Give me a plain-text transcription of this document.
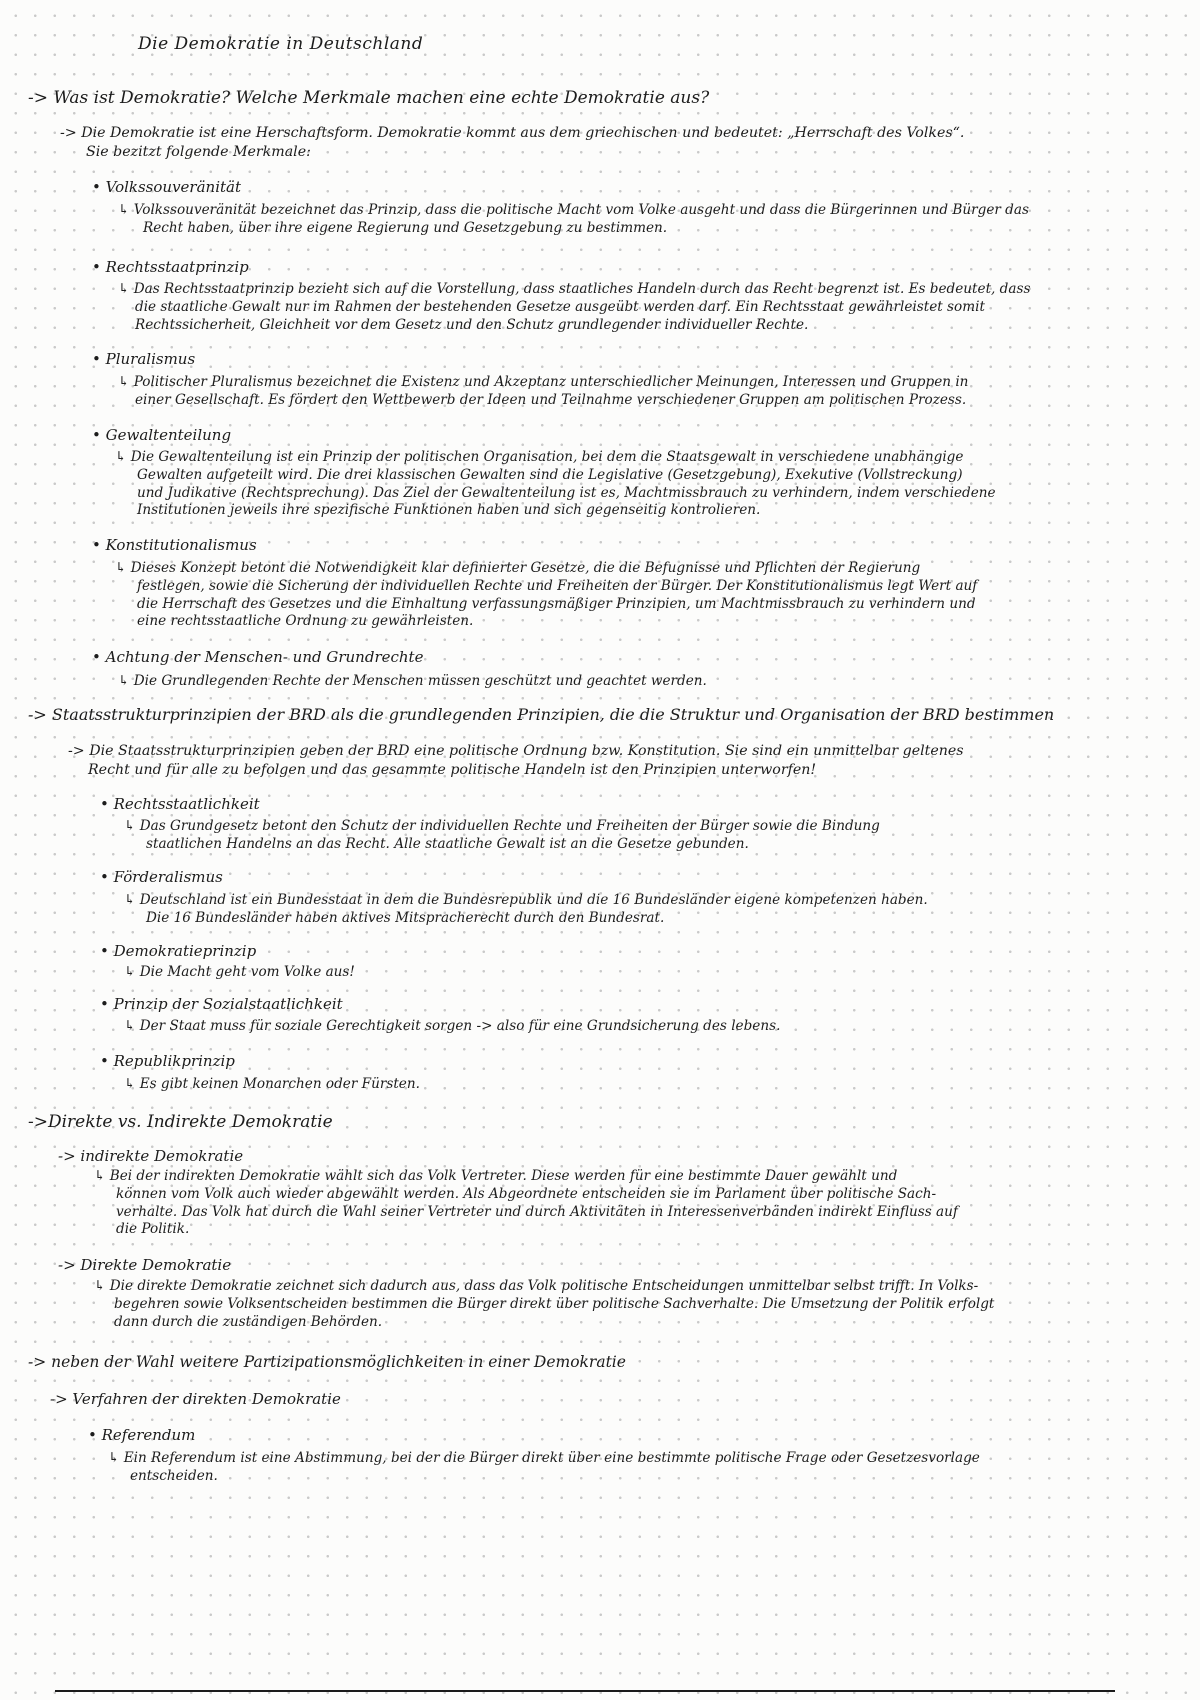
Die Demokratie in Deutschland
-> Was ist Demokratie? Welche Merkmale machen eine echte Demokratie aus?
-> Die Demokratie ist eine Herschaftsform. Demokratie kommt aus dem griechischen und bedeutet: „Herrschaft des Volkes“.
Sie bezitzt folgende Merkmale:
• Volkssouveränität
↳ Volkssouveränität bezeichnet das Prinzip, dass die politische Macht vom Volke ausgeht und dass die Bürgerinnen und Bürger das
Recht haben, über ihre eigene Regierung und Gesetzgebung zu bestimmen.
• Rechtsstaatprinzip
↳ Das Rechtsstaatprinzip bezieht sich auf die Vorstellung, dass staatliches Handeln durch das Recht begrenzt ist. Es bedeutet, dass
die staatliche Gewalt nur im Rahmen der bestehenden Gesetze ausgeübt werden darf. Ein Rechtsstaat gewährleistet somit
Rechtssicherheit, Gleichheit vor dem Gesetz und den Schutz grundlegender individueller Rechte.
• Pluralismus
↳ Politischer Pluralismus bezeichnet die Existenz und Akzeptanz unterschiedlicher Meinungen, Interessen und Gruppen in
einer Gesellschaft. Es fördert den Wettbewerb der Ideen und Teilnahme verschiedener Gruppen am politischen Prozess.
• Gewaltenteilung
↳ Die Gewaltenteilung ist ein Prinzip der politischen Organisation, bei dem die Staatsgewalt in verschiedene unabhängige
Gewalten aufgeteilt wird. Die drei klassischen Gewalten sind die Legislative (Gesetzgebung), Exekutive (Vollstreckung)
und Judikative (Rechtsprechung). Das Ziel der Gewaltenteilung ist es, Machtmissbrauch zu verhindern, indem verschiedene
Institutionen jeweils ihre spezifische Funktionen haben und sich gegenseitig kontrolieren.
• Konstitutionalismus
↳ Dieses Konzept betont die Notwendigkeit klar definierter Gesetze, die die Befugnisse und Pflichten der Regierung
festlegen, sowie die Sicherung der individuellen Rechte und Freiheiten der Bürger. Der Konstitutionalismus legt Wert auf
die Herrschaft des Gesetzes und die Einhaltung verfassungsmäßiger Prinzipien, um Machtmissbrauch zu verhindern und
eine rechtsstaatliche Ordnung zu gewährleisten.
• Achtung der Menschen- und Grundrechte
↳ Die Grundlegenden Rechte der Menschen müssen geschützt und geachtet werden.
-> Staatsstrukturprinzipien der BRD als die grundlegenden Prinzipien, die die Struktur und Organisation der BRD bestimmen
-> Die Staatsstrukturprinzipien geben der BRD eine politische Ordnung bzw. Konstitution. Sie sind ein unmittelbar geltenes
Recht und für alle zu befolgen und das gesammte politische Handeln ist den Prinzipien unterworfen!
• Rechtsstaatlichkeit
↳ Das Grundgesetz betont den Schutz der individuellen Rechte und Freiheiten der Bürger sowie die Bindung
staatlichen Handelns an das Recht. Alle staatliche Gewalt ist an die Gesetze gebunden.
• Förderalismus
↳ Deutschland ist ein Bundesstaat in dem die Bundesrepublik und die 16 Bundesländer eigene kompetenzen haben.
Die 16 Bundesländer haben aktives Mitspracherecht durch den Bundesrat.
• Demokratieprinzip
↳ Die Macht geht vom Volke aus!
• Prinzip der Sozialstaatlichkeit
↳ Der Staat muss für soziale Gerechtigkeit sorgen -> also für eine Grundsicherung des lebens.
• Republikprinzip
↳ Es gibt keinen Monarchen oder Fürsten.
->Direkte vs. Indirekte Demokratie
-> indirekte Demokratie
↳ Bei der indirekten Demokratie wählt sich das Volk Vertreter. Diese werden für eine bestimmte Dauer gewählt und
können vom Volk auch wieder abgewählt werden. Als Abgeordnete entscheiden sie im Parlament über politische Sach-
verhalte. Das Volk hat durch die Wahl seiner Vertreter und durch Aktivitäten in Interessenverbänden indirekt Einfluss auf
die Politik.
-> Direkte Demokratie
↳ Die direkte Demokratie zeichnet sich dadurch aus, dass das Volk politische Entscheidungen unmittelbar selbst trifft. In Volks-
begehren sowie Volksentscheiden bestimmen die Bürger direkt über politische Sachverhalte. Die Umsetzung der Politik erfolgt
dann durch die zuständigen Behörden.
-> neben der Wahl weitere Partizipationsmöglichkeiten in einer Demokratie
-> Verfahren der direkten Demokratie
• Referendum
↳ Ein Referendum ist eine Abstimmung, bei der die Bürger direkt über eine bestimmte politische Frage oder Gesetzesvorlage
entscheiden.
